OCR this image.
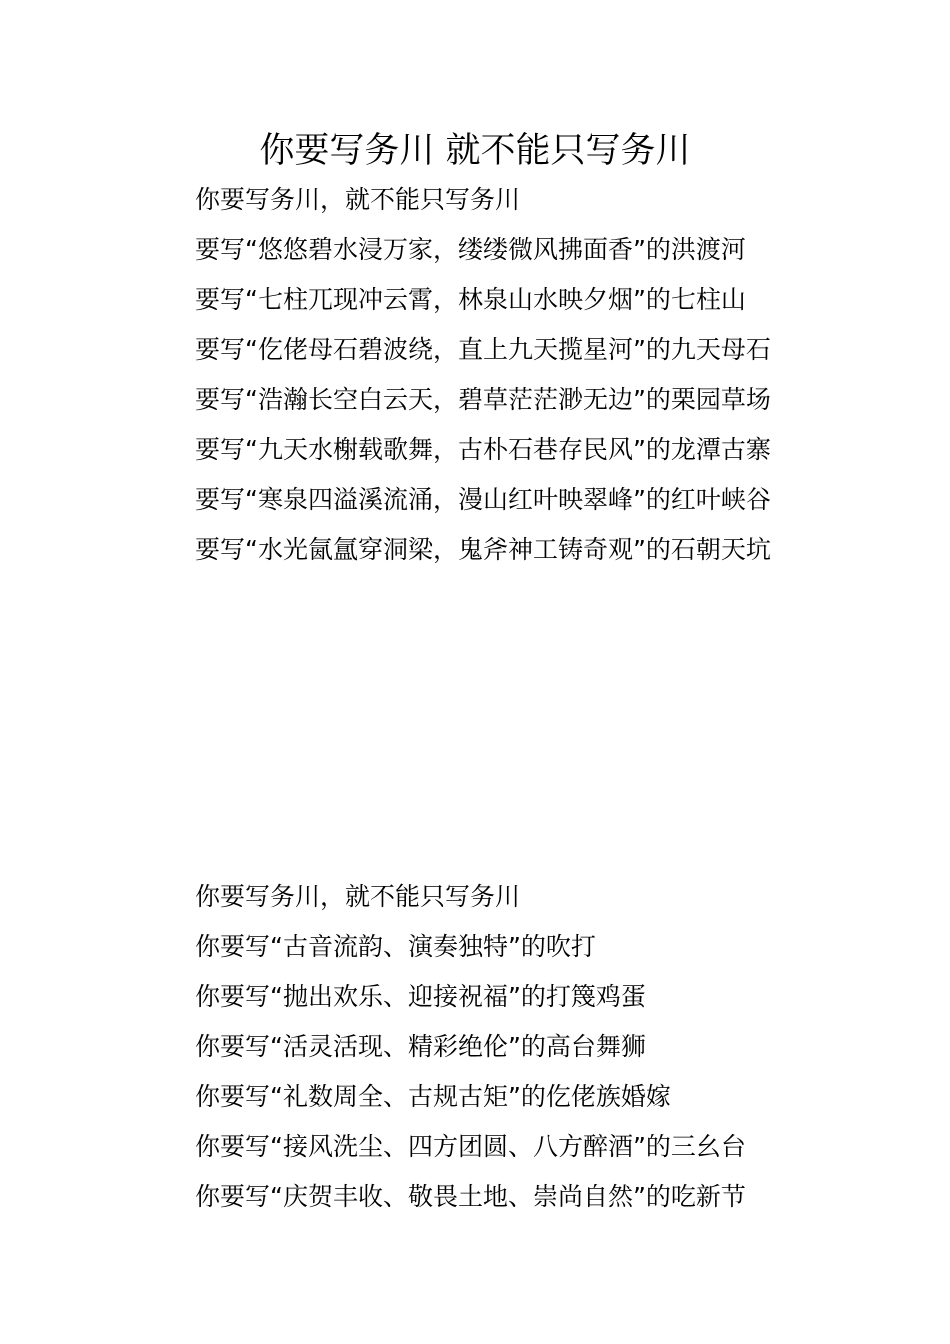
你要写务川 就不能只写务川

你要写务川，就不能只写务川

要写“悠悠碧水浸万家，缕缕微风拂面香”的洪渡河

要写“七柱兀现冲云霄，林泉山水映夕烟”的七柱山

要写“仡佬母石碧波绕，直上九天揽星河”的九天母石

要写“浩瀚长空白云天，碧草茫茫渺无边”的栗园草场

要写“九天水榭载歌舞，古朴石巷存民风”的龙潭古寨

要写“寒泉四溢溪流涌，漫山红叶映翠峰”的红叶峡谷

要写“水光氤氲穿洞梁，鬼斧神工铸奇观”的石朝天坑

你要写务川，就不能只写务川

你要写“古音流韵、演奏独特”的吹打

你要写“抛出欢乐、迎接祝福”的打篾鸡蛋

你要写“活灵活现、精彩绝伦”的高台舞狮

你要写“礼数周全、古规古矩”的仡佬族婚嫁

你要写“接风洗尘、四方团圆、八方醉酒”的三幺台

你要写“庆贺丰收、敬畏土地、崇尚自然”的吃新节
